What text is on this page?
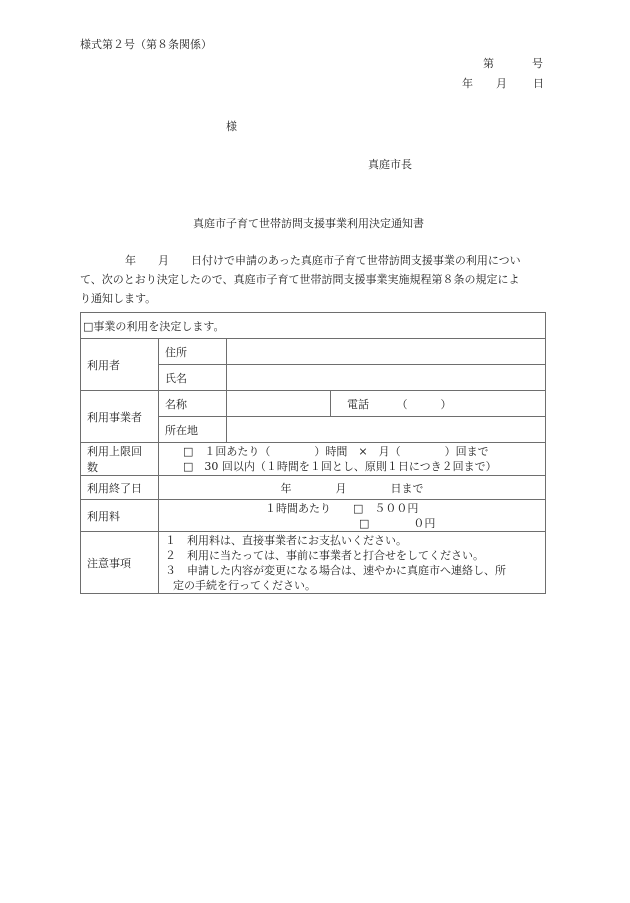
様式第２号（第８条関係）
第	号
年 月 日
様
真庭市長
真庭市子育て世帯訪問支援事業利用決定通知書
年　　月　　日付けで申請のあった真庭市子育て世帯訪問支援事業の利用につい
て、次のとおり決定したので、真庭市子育て世帯訪問支援事業実施規程第８条の規定によ
り通知します。
□事業の利用を決定します。			
利用者	住所		
	氏名		
利用事業者	名称		電話　　　（　　　）
	所在地		
利用上限回数	□　１回あたり（　　　　）時間　×　月（　　　　）回まで
□　30 回以内（１時間を１回とし、原則１日につき２回まで）		

利用終了日	年　　　　月　　　　日まで		
利用料	１時間あたり　　□　５００円
□　　　　０円		

注意事項	１　利用料は、直接事業者にお支払いください。
２　利用に当たっては、事前に事業者と打合せをしてください。
３　申請した内容が変更になる場合は、速やかに真庭市へ連絡し、所
定の手続を行ってください。		
